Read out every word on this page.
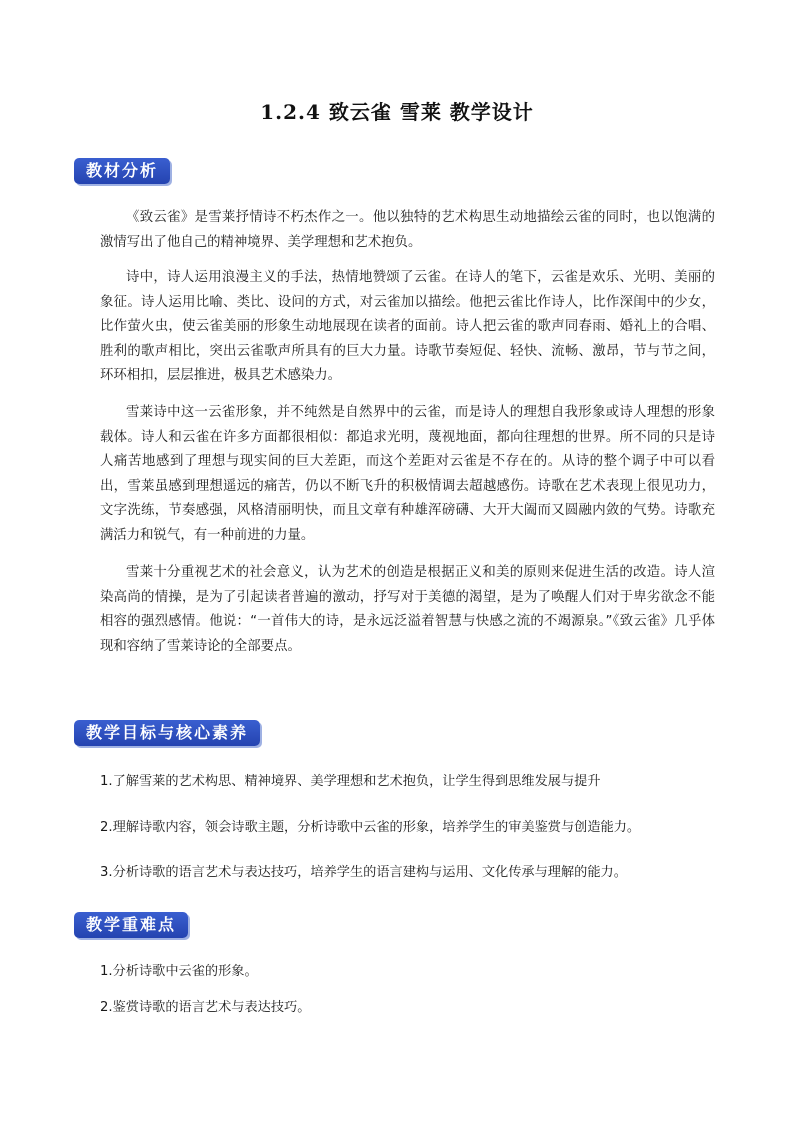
1.2.4 致云雀 雪莱 教学设计
教材分析

《致云雀》是雪莱抒情诗不朽杰作之一。他以独特的艺术构思生动地描绘云雀的同时，也以饱满的激情写出了他自己的精神境界、美学理想和艺术抱负。

诗中，诗人运用浪漫主义的手法，热情地赞颂了云雀。在诗人的笔下，云雀是欢乐、光明、美丽的象征。诗人运用比喻、类比、设问的方式，对云雀加以描绘。他把云雀比作诗人，比作深闺中的少女，比作萤火虫，使云雀美丽的形象生动地展现在读者的面前。诗人把云雀的歌声同春雨、婚礼上的合唱、胜利的歌声相比，突出云雀歌声所具有的巨大力量。诗歌节奏短促、轻快、流畅、激昂，节与节之间，环环相扣，层层推进，极具艺术感染力。

雪莱诗中这一云雀形象，并不纯然是自然界中的云雀，而是诗人的理想自我形象或诗人理想的形象载体。诗人和云雀在许多方面都很相似：都追求光明，蔑视地面，都向往理想的世界。所不同的只是诗人痛苦地感到了理想与现实间的巨大差距，而这个差距对云雀是不存在的。从诗的整个调子中可以看出，雪莱虽感到理想遥远的痛苦，仍以不断飞升的积极情调去超越感伤。诗歌在艺术表现上很见功力，文字洗练，节奏感强，风格清丽明快，而且文章有种雄浑磅礴、大开大阖而又圆融内敛的气势。诗歌充满活力和锐气，有一种前进的力量。

雪莱十分重视艺术的社会意义，认为艺术的创造是根据正义和美的原则来促进生活的改造。诗人渲染高尚的情操，是为了引起读者普遍的激动，抒写对于美德的渴望，是为了唤醒人们对于卑劣欲念不能相容的强烈感情。他说：“一首伟大的诗，是永远泛溢着智慧与快感之流的不竭源泉。”《致云雀》几乎体现和容纳了雪莱诗论的全部要点。

教学目标与核心素养

1.了解雪莱的艺术构思、精神境界、美学理想和艺术抱负，让学生得到思维发展与提升

2.理解诗歌内容，领会诗歌主题，分析诗歌中云雀的形象，培养学生的审美鉴赏与创造能力。

3.分析诗歌的语言艺术与表达技巧，培养学生的语言建构与运用、文化传承与理解的能力。

教学重难点

1.分析诗歌中云雀的形象。

2.鉴赏诗歌的语言艺术与表达技巧。
